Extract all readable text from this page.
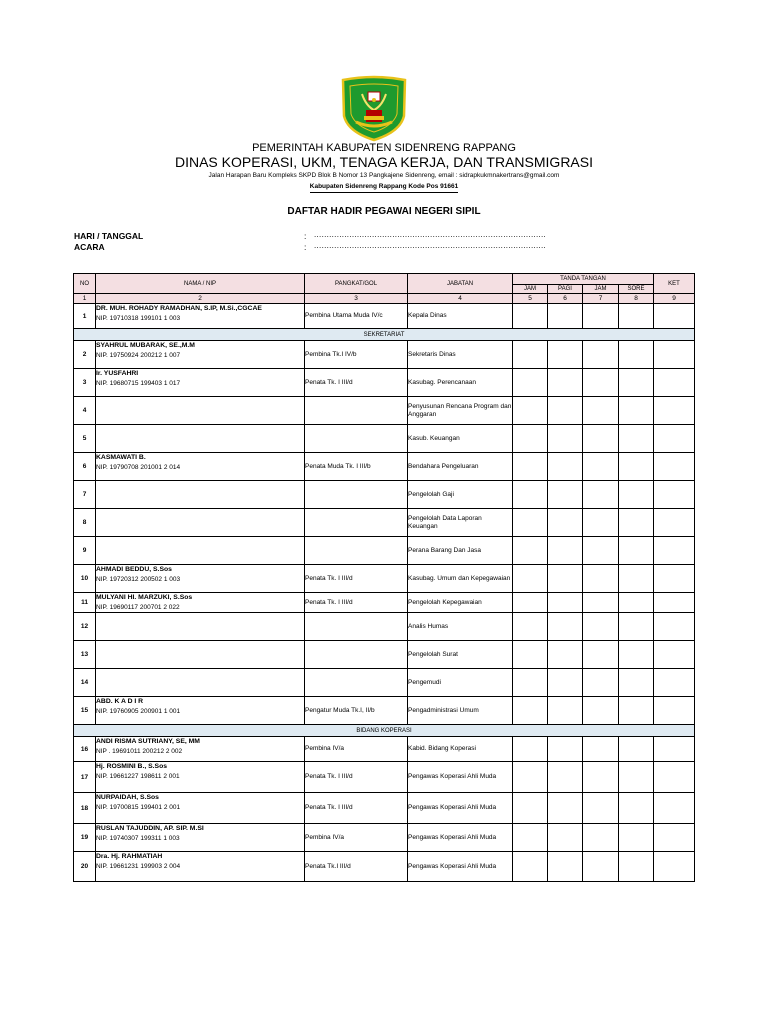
PEMERINTAH KABUPATEN SIDENRENG RAPPANG
DINAS KOPERASI, UKM, TENAGA KERJA, DAN TRANSMIGRASI
Jalan Harapan Baru Kompleks SKPD Blok B Nomor 13 Pangkajene Sidenreng, email : sidrapkukmnakertrans@gmail.com
Kabupaten Sidenreng Rappang Kode Pos 91661
DAFTAR HADIR PEGAWAI NEGERI SIPIL
HARI / TANGGAL	: ............................................................................................
ACARA	: ............................................................................................
NO	NAMA / NIP	PANGKAT/GOL	JABATAN	TANDA TANGAN				KET
				JAM	PAGI	JAM	SORE	
1	2	3	4	5	6	7	8	9
1	DR. MUH. ROHADY RAMADHAN, S.IP, M.Si.,CGCAE
NIP. 19710318 199101 1 003	Pembina Utama Muda IV/c	Kepala Dinas					
SEKRETARIAT								
2	SYAHRUL MUBARAK, SE.,M.M
NIP. 19750924 200212 1 007	Pembina Tk.I IV/b	Sekretaris Dinas					
3	Ir. YUSFAHRI
NIP. 19680715 199403 1 017	Penata Tk. I III/d	Kasubag. Perencanaan					
4			Penyusunan Rencana Program dan Anggaran					
5			Kasub. Keuangan					
6	KASMAWATI B.
NIP. 19790708 201001 2 014	Penata Muda Tk. I III/b	Bendahara Pengeluaran					
7			Pengelolah Gaji					
8			Pengelolah Data Laporan Keuangan					
9			Perana Barang Dan Jasa					
10	AHMADI BEDDU, S.Sos
NIP. 19720312 200502 1 003	Penata Tk. I III/d	Kasubag. Umum dan Kepegawaian					
11	MULYANI HI. MARZUKI, S.Sos
NIP. 19690117 200701 2 022	Penata Tk. I III/d	Pengelolah Kepegawaian					
12			Analis Humas					
13			Pengelolah Surat					
14			Pengemudi					
15	ABD. K A D I R
NIP. 19760905 200901 1 001	Pengatur Muda Tk.I, II/b	Pengadministrasi Umum					
BIDANG KOPERASI								
16	ANDI RISMA SUTRIANY, SE, MM
NIP . 19691011 200212 2 002	Pembina IV/a	Kabid. Bidang Koperasi					
17	Hj. ROSMINI B., S.Sos
NIP. 19661227 198611 2 001	Penata Tk. I III/d	Pengawas Koperasi Ahli Muda					
18	NURPAIDAH, S.Sos
NIP. 19700815 199401 2 001	Penata Tk. I III/d	Pengawas Koperasi Ahli Muda					
19	RUSLAN TAJUDDIN, AP. SIP. M.SI
NIP. 19740307 199311 1 003	Pembina IV/a	Pengawas Koperasi Ahli Muda					
20	Dra. Hj. RAHMATIAH
NIP. 19661231 199903 2 004	Penata Tk.I III/d	Pengawas Koperasi Ahli Muda					
